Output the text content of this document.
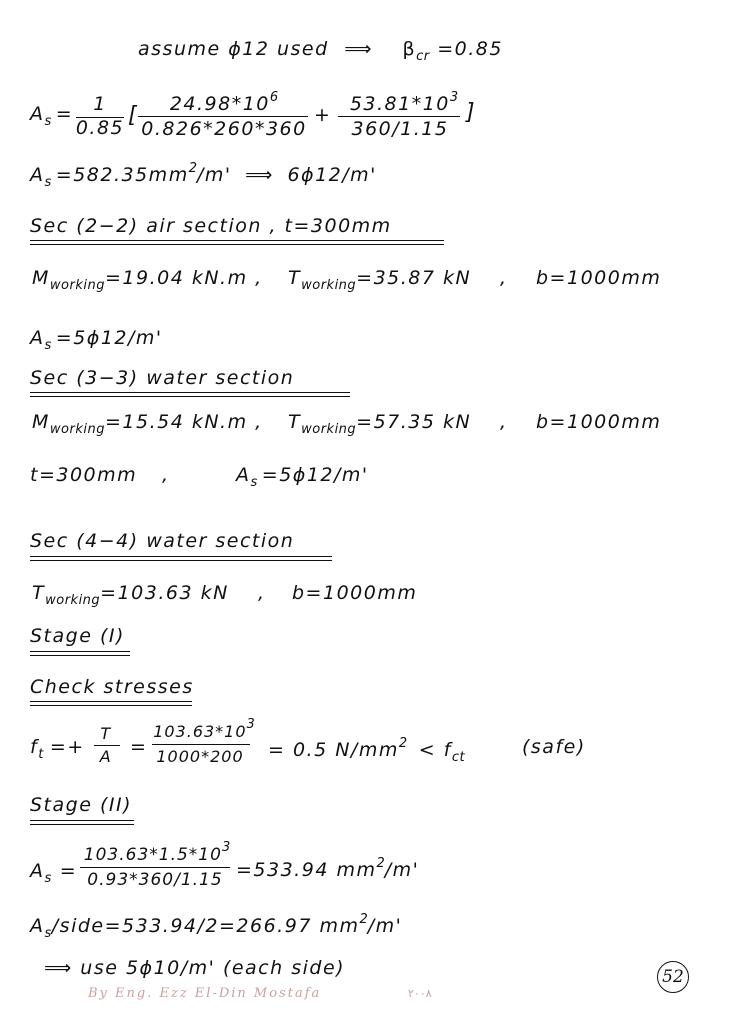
assume ϕ12 used ⟹ $\beta_{cr} =0.85$
$A_s$ =	1
0.85 [	$24.98*10^6$
0.826*260*360
+ $53.81*10^3$
360/1.15
]
$A_s =582.35mm^2/m'$ ⟹ 6ϕ12/m'
Sec (2−2) air section , t=300mm
$M_{working}=19.04$ kN.m , $T_{working}=35.87$ kN , b=1000mm
$A_s =5\phi 12/m'$
Sec (3−3) water section
$M_{working}=15.54$ kN.m , $T_{working}=57.35$ kN , b=1000mm
t=300mm ,	$A_s =5\phi 12/m'$
Sec (4−4) water section
$T_{working}=103.63$ kN , b=1000mm
Stage (I)
Check stresses
$f_t$ =+
T
A =
$103.63*10^3$
1000*200	= 0.5 $N/mm^2 < f_{ct}$	(safe)
Stage (II)
$A_s$ =
$103.63*1.5*10^3$
0.93*360/1.15 =533.94 $mm^2/m'$
$A_s/side=533.94/2=266.97$ $mm^2/m'$
⟹ use 5ϕ10/m' (each side)
By Eng. Ezz El-Din Mostafa	٢٠٠٨
52
